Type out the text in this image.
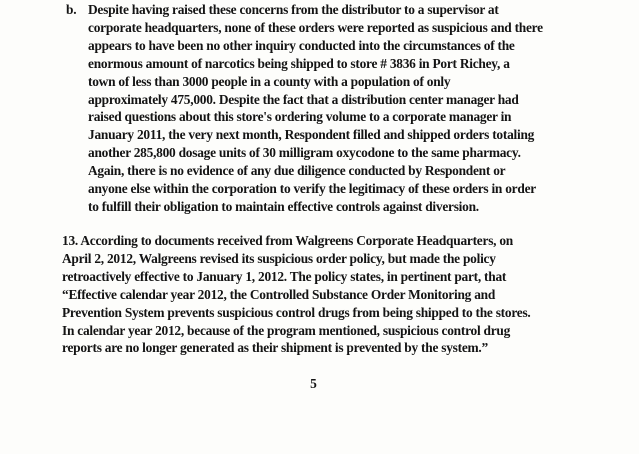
b. Despite having raised these concerns from the distributor to a supervisor at
corporate headquarters, none of these orders were reported as suspicious and there
appears to have been no other inquiry conducted into the circumstances of the
enormous amount of narcotics being shipped to store # 3836 in Port Richey, a
town of less than 3000 people in a county with a population of only
approximately 475,000. Despite the fact that a distribution center manager had
raised questions about this store's ordering volume to a corporate manager in
January 2011, the very next month, Respondent filled and shipped orders totaling
another 285,800 dosage units of 30 milligram oxycodone to the same pharmacy.
Again, there is no evidence of any due diligence conducted by Respondent or
anyone else within the corporation to verify the legitimacy of these orders in order
to fulfill their obligation to maintain effective controls against diversion.
13. According to documents received from Walgreens Corporate Headquarters, on
April 2, 2012, Walgreens revised its suspicious order policy, but made the policy
retroactively effective to January 1, 2012. The policy states, in pertinent part, that
“Effective calendar year 2012, the Controlled Substance Order Monitoring and
Prevention System prevents suspicious control drugs from being shipped to the stores.
In calendar year 2012, because of the program mentioned, suspicious control drug
reports are no longer generated as their shipment is prevented by the system.”
5
